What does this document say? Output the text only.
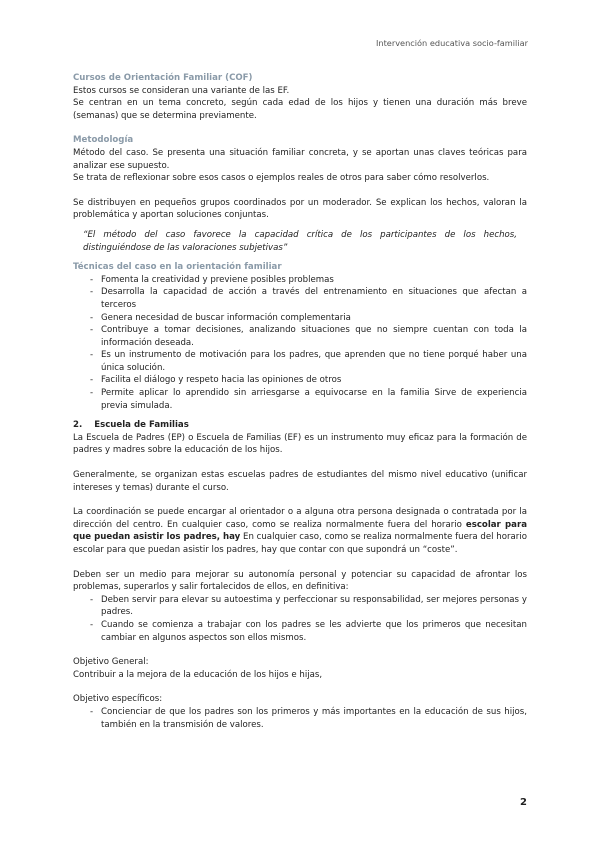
Intervención educativa socio-familiar

Cursos de Orientación Familiar (COF)

Estos cursos se consideran una variante de las EF.

Se centran en un tema concreto, según cada edad de los hijos y tienen una duración más breve (semanas) que se determina previamente.

Metodología

Método del caso. Se presenta una situación familiar concreta, y se aportan unas claves teóricas para analizar ese supuesto.

Se trata de reflexionar sobre esos casos o ejemplos reales de otros para saber cómo resolverlos.

Se distribuyen en pequeños grupos coordinados por un moderador. Se explican los hechos, valoran la problemática y aportan soluciones conjuntas.

“El método del caso favorece la capacidad crítica de los participantes de los hechos, distinguiéndose de las valoraciones subjetivas”

Técnicas del caso en la orientación familiar

- Fomenta la creatividad y previene posibles problemas
- Desarrolla la capacidad de acción a través del entrenamiento en situaciones que afectan a terceros
- Genera necesidad de buscar información complementaria
- Contribuye a tomar decisiones, analizando situaciones que no siempre cuentan con toda la información deseada.
- Es un instrumento de motivación para los padres, que aprenden que no tiene porqué haber una única solución.
- Facilita el diálogo y respeto hacia las opiniones de otros
- Permite aplicar lo aprendido sin arriesgarse a equivocarse en la familia Sirve de experiencia previa simulada.

2.    Escuela de Familias

La Escuela de Padres (EP) o Escuela de Familias (EF) es un instrumento muy eficaz para la formación de padres y madres sobre la educación de los hijos.

Generalmente, se organizan estas escuelas padres de estudiantes del mismo nivel educativo (unificar intereses y temas) durante el curso.

La coordinación se puede encargar al orientador o a alguna otra persona designada o contratada por la dirección del centro. En cualquier caso, como se realiza normalmente fuera del horario escolar para que puedan asistir los padres, hay En cualquier caso, como se realiza normalmente fuera del horario escolar para que puedan asistir los padres, hay que contar con que supondrá un “coste”.

Deben ser un medio para mejorar su autonomía personal y potenciar su capacidad de afrontar los problemas, superarlos y salir fortalecidos de ellos, en definitiva:

- Deben servir para elevar su autoestima y perfeccionar su responsabilidad, ser mejores personas y padres.
- Cuando se comienza a trabajar con los padres se les advierte que los primeros que necesitan cambiar en algunos aspectos son ellos mismos.

Objetivo General:

Contribuir a la mejora de la educación de los hijos e hijas,

Objetivo específicos:

- Concienciar de que los padres son los primeros y más importantes en la educación de sus hijos, también en la transmisión de valores.
2
